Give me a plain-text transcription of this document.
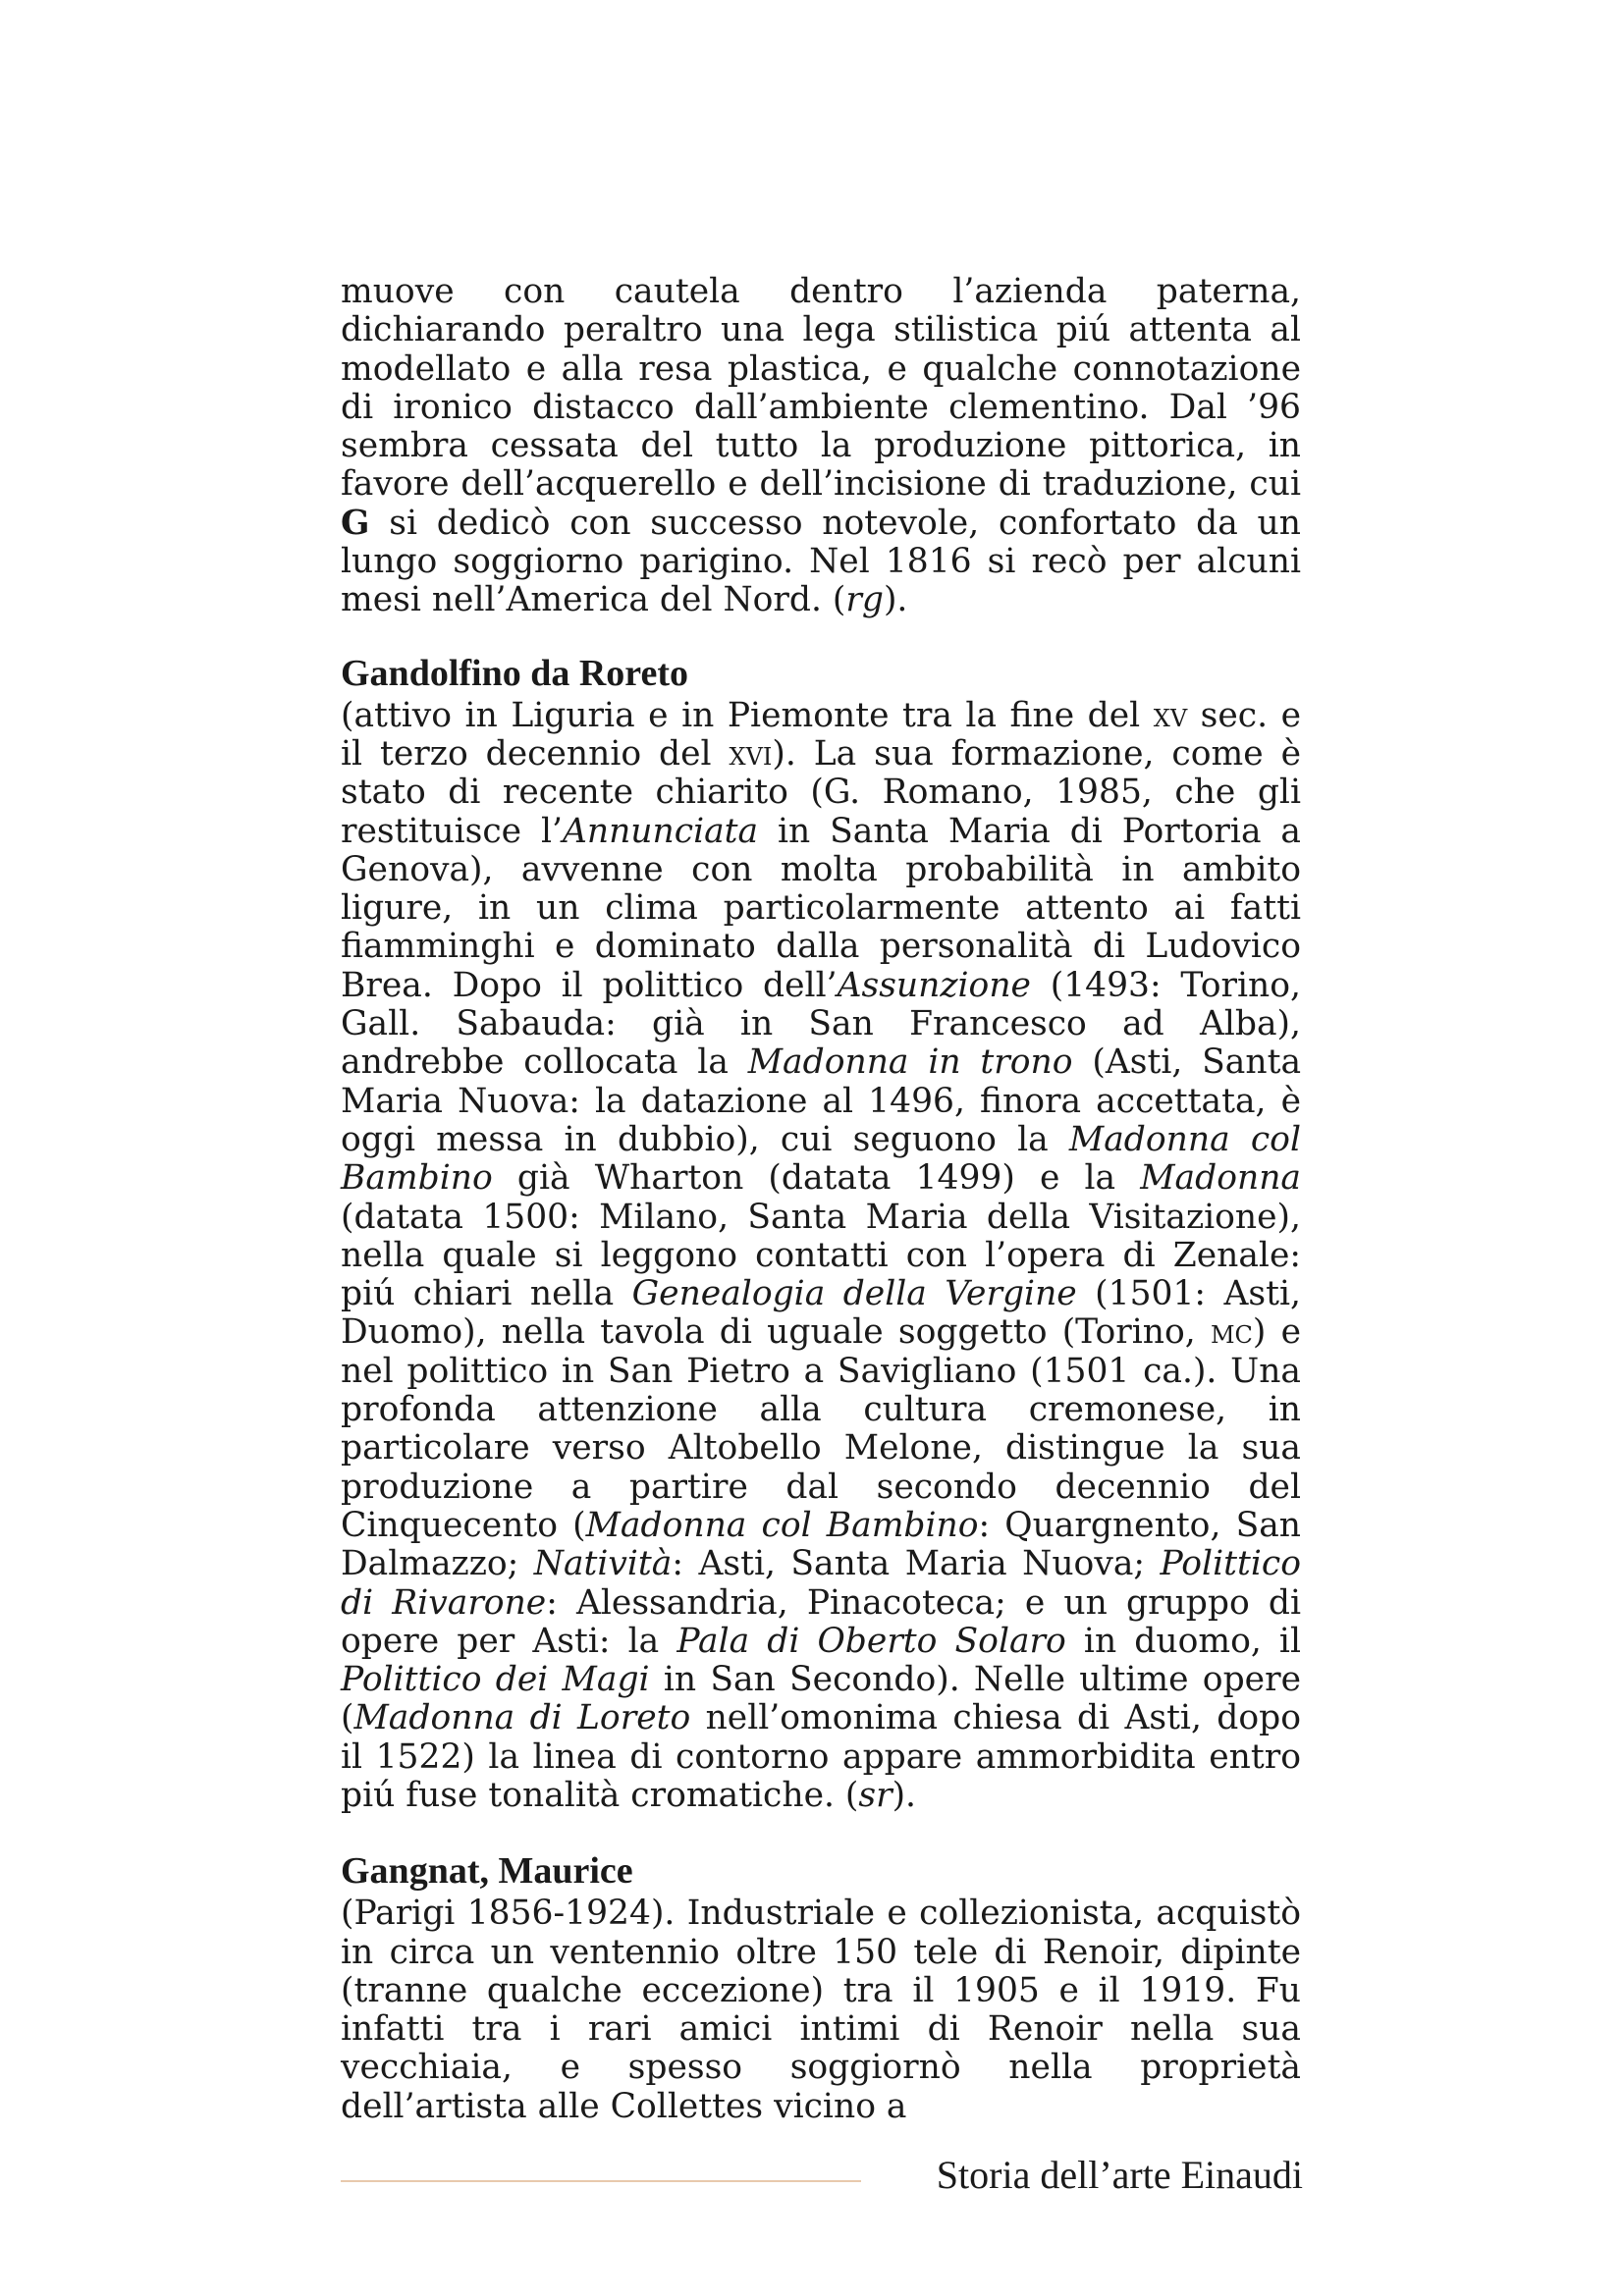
muove con cautela dentro l’azienda paterna, dichiarando peraltro una lega stilistica piú attenta al modellato e alla resa plastica, e qualche connotazione di ironico distacco dall’ambiente clementino. Dal ’96 sembra cessata del tutto la produzione pittorica, in favore dell’acquerello e dell’incisione di traduzione, cui G si dedicò con successo notevole, confortato da un lungo soggiorno parigino. Nel 1816 si recò per alcuni mesi nell’America del Nord. (rg).

Gandolfino da Roreto

(attivo in Liguria e in Piemonte tra la fine del xv sec. e il terzo decennio del xvi). La sua formazione, come è stato di recente chiarito (G. Romano, 1985, che gli restituisce l’Annunciata in Santa Maria di Portoria a Genova), avvenne con molta probabilità in ambito ligure, in un clima particolarmente attento ai fatti fiamminghi e dominato dalla personalità di Ludovico Brea. Dopo il polittico dell’Assunzione (1493: Torino, Gall. Sabauda: già in San Francesco ad Alba), andrebbe collocata la Madonna in trono (Asti, Santa Maria Nuova: la datazione al 1496, finora accettata, è oggi messa in dubbio), cui seguono la Madonna col Bambino già Wharton (datata 1499) e la Madonna (datata 1500: Milano, Santa Maria della Visitazione), nella quale si leggono contatti con l’opera di Zenale: piú chiari nella Genealogia della Vergine (1501: Asti, Duomo), nella tavola di uguale soggetto (Torino, mc) e nel polittico in San Pietro a Savigliano (1501 ca.). Una profonda attenzione alla cultura cremonese, in particolare verso Altobello Melone, distingue la sua produzione a partire dal secondo decennio del Cinquecento (Madonna col Bambino: Quargnento, San Dalmazzo; Natività: Asti, Santa Maria Nuova; Polittico di Rivarone: Alessandria, Pinacoteca; e un gruppo di opere per Asti: la Pala di Oberto Solaro in duomo, il Polittico dei Magi in San Secondo). Nelle ultime opere (Madonna di Loreto nell’omonima chiesa di Asti, dopo il 1522) la linea di contorno appare ammorbidita entro piú fuse tonalità cromatiche. (sr).

Gangnat, Maurice

(Parigi 1856-1924). Industriale e collezionista, acquistò in circa un ventennio oltre 150 tele di Renoir, dipinte (tranne qualche eccezione) tra il 1905 e il 1919. Fu infatti tra i rari amici intimi di Renoir nella sua vecchiaia, e spesso soggiornò nella proprietà dell’artista alle Collettes vicino a

Storia dell’arte Einaudi
